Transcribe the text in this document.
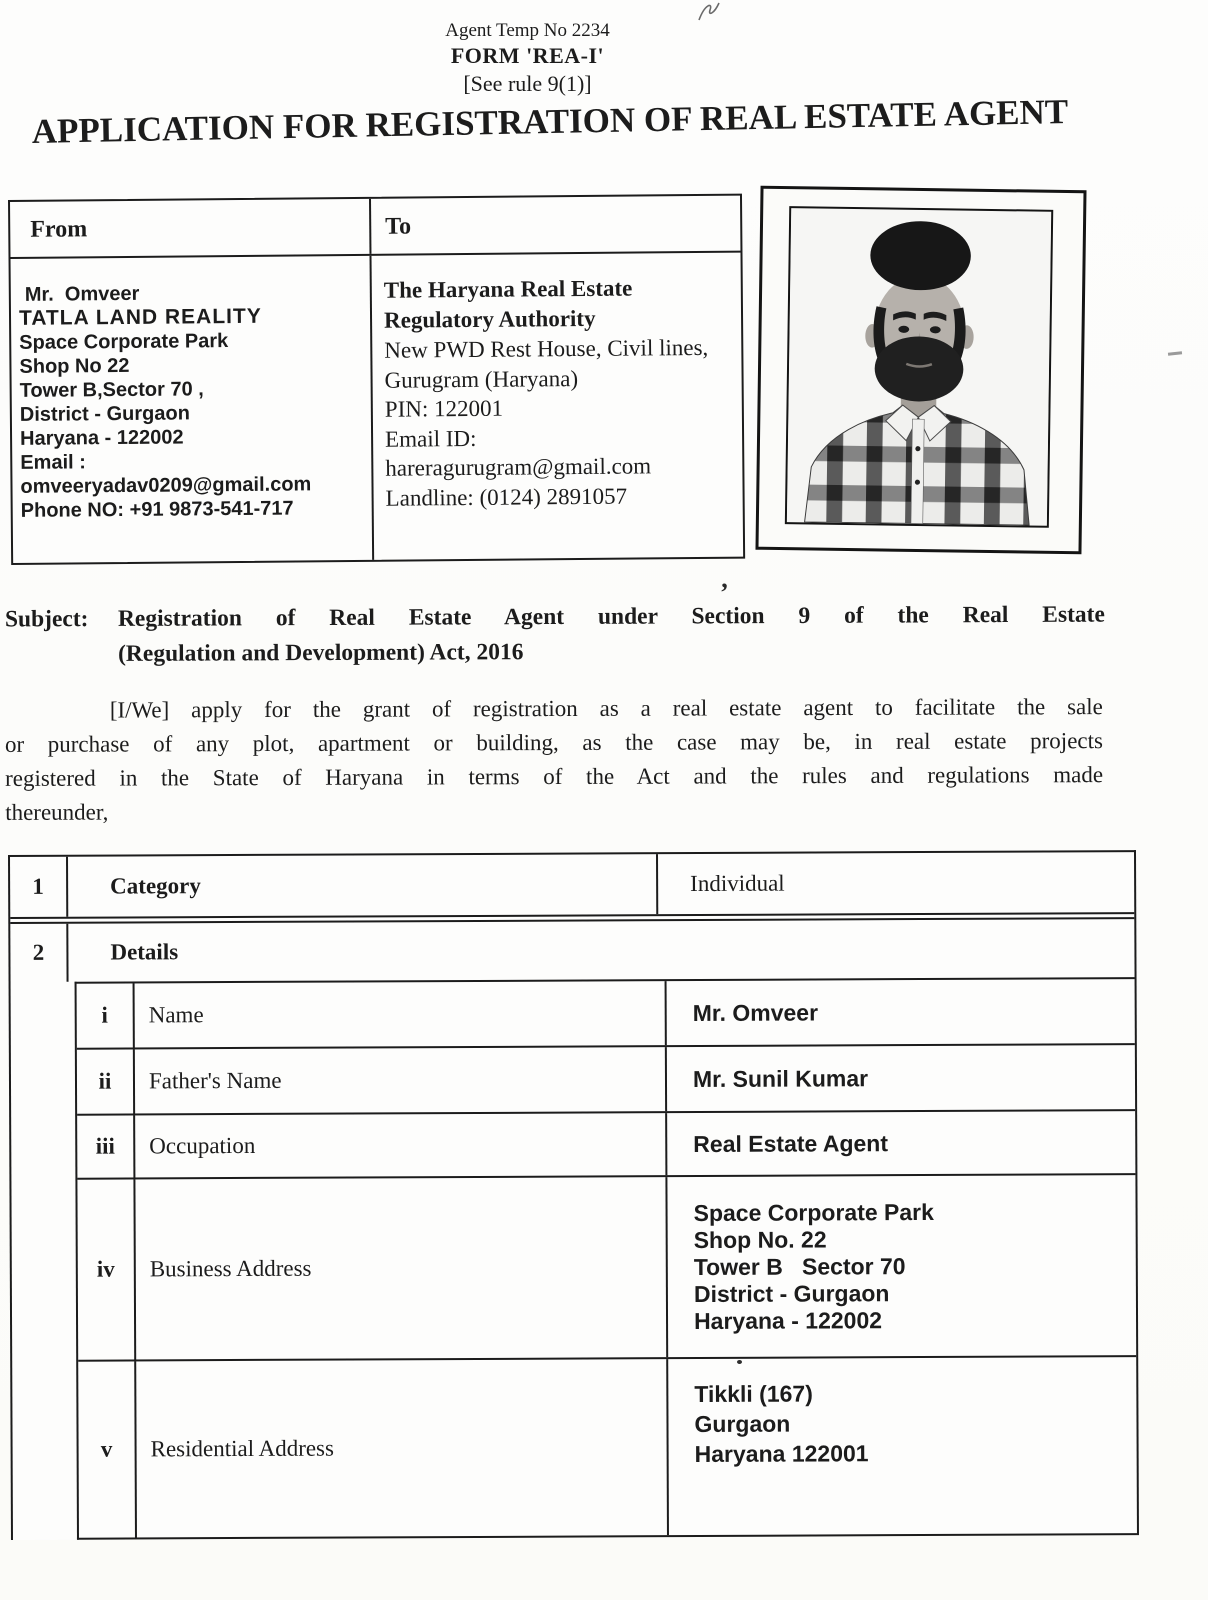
Agent Temp No 2234
FORM 'REA-I'
[See rule 9(1)]
APPLICATION FOR REGISTRATION OF REAL ESTATE AGENT
From	To
Mr.  Omveer
TATLA LAND REALITY
Space Corporate Park
Shop No 22
Tower B,Sector 70 ,
District - Gurgaon
Haryana - 122002
Email :
omveeryadav0209@gmail.com
Phone NO: +91 9873-541-717
The Haryana Real Estate Regulatory Authority
New PWD Rest House, Civil lines,
Gurugram (Haryana)
PIN: 122001
Email ID:
hareragurugram@gmail.com
Landline: (0124) 2891057
Subject:	Registration of Real Estate Agent under Section 9 of the Real Estate
(Regulation and Development) Act, 2016
[I/We] apply for the grant of registration as a real estate agent to facilitate the sale
or purchase of any plot, apartment or building, as the case may be, in real estate projects
registered in the State of Haryana in terms of the Act and the rules and regulations made
thereunder,
1	Category	Individual
2	Details
i	Name	Mr. Omveer
ii	Father's Name	Mr. Sunil Kumar
iii	Occupation	Real Estate Agent
iv	Business Address
Space Corporate Park
Shop No. 22
Tower B   Sector 70
District - Gurgaon
Haryana - 122002
v	Residential Address
Tikkli (167)
Gurgaon
Haryana 122001
’
